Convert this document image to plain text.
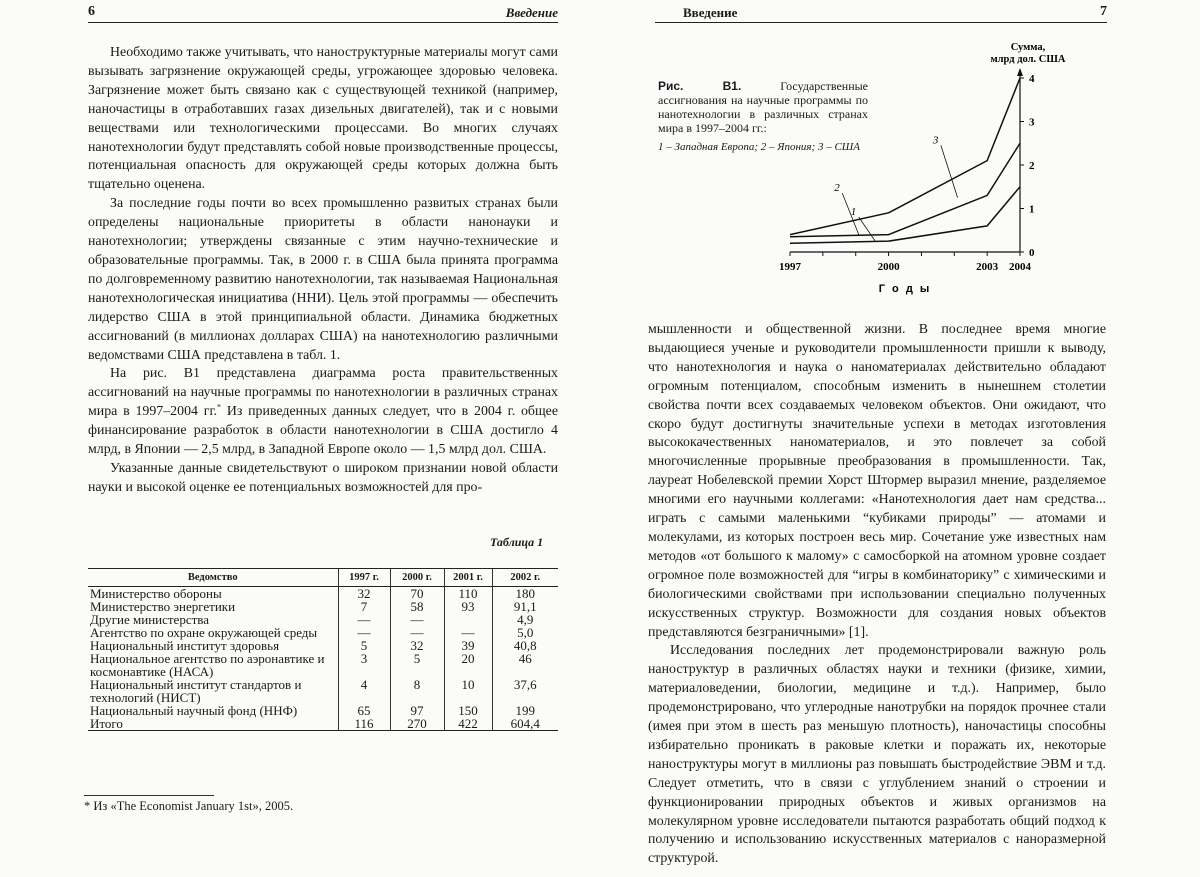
6	Введение

Необходимо также учитывать, что наноструктурные материалы могут сами вызывать загрязнение окружающей среды, угрожающее здоровью человека. Загрязнение может быть связано как с существующей техникой (например, наночастицы в отработавших газах дизельных двигателей), так и с новыми веществами или технологическими процессами. Во многих случаях нанотехнологии будут представлять собой новые производственные процессы, потенциальная опасность для окружающей среды которых должна быть тщательно оценена.

За последние годы почти во всех промышленно развитых странах были определены национальные приоритеты в области нанонауки и нанотехнологии; утверждены связанные с этим научно-технические и образовательные программы. Так, в 2000 г. в США была принята программа по долговременному развитию нанотехнологии, так называемая Национальная нанотехнологическая инициатива (ННИ). Цель этой программы — обеспечить лидерство США в этой принципиальной области. Динамика бюджетных ассигнований (в миллионах долларах США) на нанотехнологию различными ведомствами США представлена в табл. 1.

На рис. В1 представлена диаграмма роста правительственных ассигнований на научные программы по нанотехнологии в различных странах мира в 1997–2004 гг.* Из приведенных данных следует, что в 2004 г. общее финансирование разработок в области нанотехнологии в США достигло 4 млрд, в Японии — 2,5 млрд, в Западной Европе около — 1,5 млрд дол. США.

Указанные данные свидетельствуют о широком признании новой области науки и высокой оценке ее потенциальных возможностей для про-

Таблица 1
Ведомство	1997 г.	2000 г.	2001 г.	2002 г.
Министерство обороны	32	70	110	180
Министерство энергетики	7	58	93	91,1
Другие министерства	—	—		4,9
Агентство по охране окружающей среды	—	—	—	5,0
Национальный институт здоровья	5	32	39	40,8
Национальное агентство по аэронавтике и космонавтике (НАСА)	3	5	20	46
Национальный институт стандартов и технологий (НИСТ)	4	8	10	37,6
Национальный научный фонд (ННФ)	65	97	150	199
Итого	116	270	422	604,4
* Из «The Economist January 1st», 2005.
Введение	7
Рис. В1.	Государственные ассигнования на научные программы по нанотехнологии в различных странах мира в 1997–2004 гг.:
1 – Западная Европа; 2 – Япония; 3 – США
0
1
2
3
4
1997	2000	2003 2004
Сумма,
млрд дол. США
Г о д ы
1
2
3

мышленности и общественной жизни. В последнее время многие выдающиеся ученые и руководители промышленности пришли к выводу, что нанотехнология и наука о наноматериалах действительно обладают огромным потенциалом, способным изменить в нынешнем столетии свойства почти всех создаваемых человеком объектов. Они ожидают, что скоро будут достигнуты значительные успехи в методах изготовления высококачественных наноматериалов, и это повлечет за собой многочисленные прорывные преобразования в промышленности. Так, лауреат Нобелевской премии Хорст Штормер выразил мнение, разделяемое многими его научными коллегами: «Нанотехнология дает нам средства... играть с самыми маленькими “кубиками природы” — атомами и молекулами, из которых построен весь мир. Сочетание уже известных нам методов «от большого к малому» с самосборкой на атомном уровне создает огромное поле возможностей для “игры в комбинаторику” с химическими и биологическими свойствами при использовании специально полученных искусственных структур. Возможности для создания новых объектов представляются безграничными» [1].

Исследования последних лет продемонстрировали важную роль наноструктур в различных областях науки и техники (физике, химии, материаловедении, биологии, медицине и т.д.). Например, было продемонстрировано, что углеродные нанотрубки на порядок прочнее стали (имея при этом в шесть раз меньшую плотность), наночастицы способны избирательно проникать в раковые клетки и поражать их, некоторые наноструктуры могут в миллионы раз повышать быстродействие ЭВМ и т.д. Следует отметить, что в связи с углублением знаний о строении и функционировании природных объектов и живых организмов на молекулярном уровне исследователи пытаются разработать общий подход к получению и использованию искусственных материалов с наноразмерной структурой.
